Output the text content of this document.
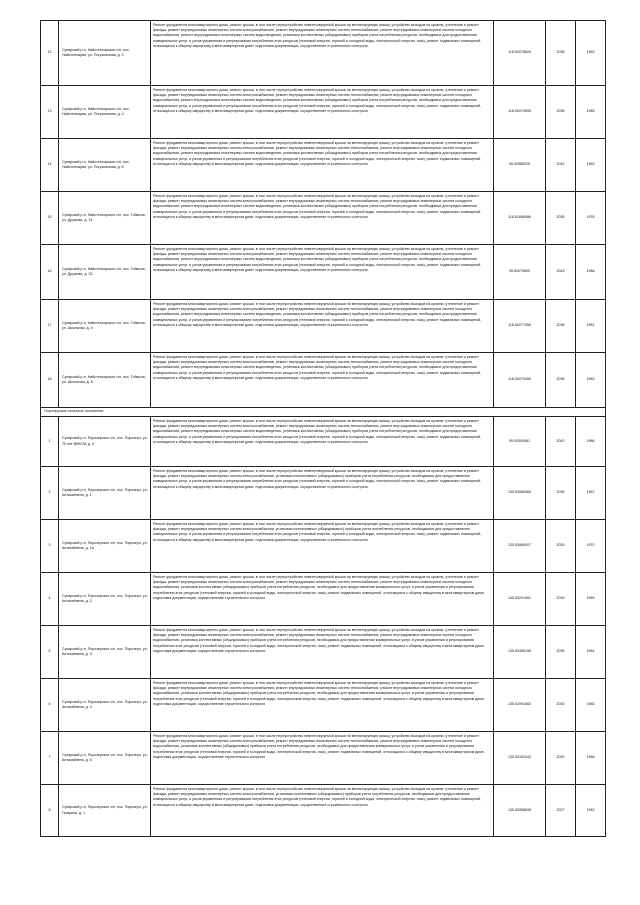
12	Сухарский р-н, Найстенъярское с/п, пос. Найстенъярви, ул. Пограничная, д. 3	Ремонт фундамента многоквартирного дома, ремонт крыши, в том числе переустройство невентилируемой крыши на вентилируемую крышу, устройство выходов на кровлю, утепление и ремонт фасада, ремонт внутридомовых инженерных систем электроснабжения, ремонт внутридомовых инженерных систем теплоснабжения, ремонт внутридомовых инженерных систем холодного водоснабжения, ремонт внутридомовых инженерных систем водоотведения, установка коллективных (общедомовых) приборов учета потребления ресурсов, необходимых для предоставления коммунальных услуг, и узлов управления и регулирования потребления этих ресурсов (тепловой энергии, горячей и холодной воды, электрической энергии, газа), ремонт подвальных помещений, относящихся к общему имуществу в многоквартирном доме, подготовка документации, осуществление строительного контроля	118.50078626	2036	1983
13	Сухарский р-н, Найстенъярское с/п, пос. Найстенъярви, ул. Пограничная, д. 4	Ремонт фундамента многоквартирного дома, ремонт крыши, в том числе переустройство невентилируемой крыши на вентилируемую крышу, устройство выходов на кровлю, утепление и ремонт фасада, ремонт внутридомовых инженерных систем электроснабжения, ремонт внутридомовых инженерных систем теплоснабжения, ремонт внутридомовых инженерных систем холодного водоснабжения, ремонт внутридомовых инженерных систем водоотведения, установка коллективных (общедомовых) приборов учета потребления ресурсов, необходимых для предоставления коммунальных услуг, и узлов управления и регулирования потребления этих ресурсов (тепловой энергии, горячей и холодной воды, электрической энергии, газа), ремонт подвальных помещений, относящихся к общему имуществу в многоквартирном доме, подготовка документации, осуществление строительного контроля	118.50074508	2036	1985
14	Сухарский р-н, Найстенъярское с/п, пос. Найстенъярви, ул. Пограничная, д. 6	Ремонт фундамента многоквартирного дома, ремонт крыши, в том числе переустройство невентилируемой крыши на вентилируемую крышу, устройство выходов на кровлю, утепление и ремонт фасада, ремонт внутридомовых инженерных систем электроснабжения, ремонт внутридомовых инженерных систем теплоснабжения, ремонт внутридомовых инженерных систем холодного водоснабжения, ремонт внутридомовых инженерных систем водоотведения, установка коллективных (общедомовых) приборов учета потребления ресурсов, необходимых для предоставления коммунальных услуг, и узлов управления и регулирования потребления этих ресурсов (тепловой энергии, горячей и холодной воды, электрической энергии, газа), ремонт подвальных помещений, относящихся к общему имуществу в многоквартирном доме, подготовка документации, осуществление строительного контроля	95.00586525	2042	1983
15	Сухарский р-н, Найстенъярское с/п, пос. Тойвола, ул. Дружная, д. 24	Ремонт фундамента многоквартирного дома, ремонт крыши, в том числе переустройство невентилируемой крыши на вентилируемую крышу, устройство выходов на кровлю, утепление и ремонт фасада, ремонт внутридомовых инженерных систем электроснабжения, ремонт внутридомовых инженерных систем теплоснабжения, ремонт внутридомовых инженерных систем холодного водоснабжения, ремонт внутридомовых инженерных систем водоотведения, установка коллективных (общедомовых) приборов учета потребления ресурсов, необходимых для предоставления коммунальных услуг, и узлов управления и регулирования потребления этих ресурсов (тепловой энергии, горячей и холодной воды, электрической энергии, газа), ремонт подвальных помещений, относящихся к общему имуществу в многоквартирном доме, подготовка документации, осуществление строительного контроля	118.51686586	2035	1978
16	Сухарский р-н, Найстенъярское с/п, пос. Тойвола, ул. Дружная, д. 33	Ремонт фундамента многоквартирного дома, ремонт крыши, в том числе переустройство невентилируемой крыши на вентилируемую крышу, устройство выходов на кровлю, утепление и ремонт фасада, ремонт внутридомовых инженерных систем электроснабжения, ремонт внутридомовых инженерных систем теплоснабжения, ремонт внутридомовых инженерных систем холодного водоснабжения, ремонт внутридомовых инженерных систем водоотведения, установка коллективных (общедомовых) приборов учета потребления ресурсов, необходимых для предоставления коммунальных услуг, и узлов управления и регулирования потребления этих ресурсов (тепловой энергии, горячей и холодной воды, электрической энергии, газа), ремонт подвальных помещений, относящихся к общему имуществу в многоквартирном доме, подготовка документации, осуществление строительного контроля	95.50075895	2043	1986
17	Сухарский р-н, Найстенъярское с/п, пос. Тойвола, ул. Школьная, д. 5	Ремонт фундамента многоквартирного дома, ремонт крыши, в том числе переустройство невентилируемой крыши на вентилируемую крышу, устройство выходов на кровлю, утепление и ремонт фасада, ремонт внутридомовых инженерных систем электроснабжения, ремонт внутридомовых инженерных систем теплоснабжения, ремонт внутридомовых инженерных систем холодного водоснабжения, ремонт внутридомовых инженерных систем водоотведения, установка коллективных (общедомовых) приборов учета потребления ресурсов, необходимых для предоставления коммунальных услуг, и узлов управления и регулирования потребления этих ресурсов (тепловой энергии, горячей и холодной воды, электрической энергии, газа), ремонт подвальных помещений, относящихся к общему имуществу в многоквартирном доме, подготовка документации, осуществление строительного контроля	118.50077556	2038	1981
18	Сухарский р-н, Найстенъярское с/п, пос. Тойвола, ул. Школьная, д. 8	Ремонт фундамента многоквартирного дома, ремонт крыши, в том числе переустройство невентилируемой крыши на вентилируемую крышу, устройство выходов на кровлю, утепление и ремонт фасада, ремонт внутридомовых инженерных систем электроснабжения, ремонт внутридомовых инженерных систем теплоснабжения, ремонт внутридомовых инженерных систем холодного водоснабжения, ремонт внутридомовых инженерных систем водоотведения, установка коллективных (общедомовых) приборов учета потребления ресурсов, необходимых для предоставления коммунальных услуг, и узлов управления и регулирования потребления этих ресурсов (тепловой энергии, горячей и холодной воды, электрической энергии, газа), ремонт подвальных помещений, относящихся к общему имуществу в многоквартирном доме, подготовка документации, осуществление строительного контроля	118.50070406	2036	1983
Порозерское сельское поселение					
1	Сухарский р-н, Порозерское с/п, пос. Порозеро, ул. 70 лет ВЛКСМ, д. 9	Ремонт фундамента многоквартирного дома, ремонт крыши, в том числе переустройство невентилируемой крыши на вентилируемую крышу, устройство выходов на кровлю, утепление и ремонт фасада, ремонт внутридомовых инженерных систем электроснабжения, ремонт внутридомовых инженерных систем теплоснабжения, ремонт внутридомовых инженерных систем холодного водоснабжения, ремонт внутридомовых инженерных систем водоотведения, установка коллективных (общедомовых) приборов учета потребления ресурсов, необходимых для предоставления коммунальных услуг, и узлов управления и регулирования потребления этих ресурсов (тепловой энергии, горячей и холодной воды, электрической энергии, газа), ремонт подвальных помещений, относящихся к общему имуществу в многоквартирном доме, подготовка документации, осуществление строительного контроля	95.00593981	2042	1986
2	Сухарский р-н, Порозерское с/п, пос. Порозеро, ул. Антикайнена, д. 1	Ремонт фундамента многоквартирного дома, ремонт крыши, в том числе переустройство невентилируемой крыши на вентилируемую крышу, устройство выходов на кровлю, утепление и ремонт фасада, ремонт внутридомовых инженерных систем электроснабжения, установка коллективных (общедомовых) приборов учета потребления ресурсов, необходимых для предоставления коммунальных услуг, и узлов управления и регулирования потребления этих ресурсов (тепловой энергии, горячей и холодной воды, электрической энергии, газа), ремонт подвальных помещений, относящихся к общему имуществу в многоквартирном доме, подготовка документации, осуществление строительного контроля	135.53985465	2035	1967
3	Сухарский р-н, Порозерское с/п, пос. Порозеро, ул. Антикайнена, д. 1а	Ремонт фундамента многоквартирного дома, ремонт крыши, в том числе переустройство невентилируемой крыши на вентилируемую крышу, устройство выходов на кровлю, утепление и ремонт фасада, ремонт внутридомовых инженерных систем электроснабжения, установка коллективных (общедомовых) приборов учета потребления ресурсов, необходимых для предоставления коммунальных услуг, и узлов управления и регулирования потребления этих ресурсов (тепловой энергии, горячей и холодной воды, электрической энергии, газа), ремонт подвальных помещений, относящихся к общему имуществу в многоквартирном доме, подготовка документации, осуществление строительного контроля	135.53989007	2039	1970
4	Сухарский р-н, Порозерское с/п, пос. Порозеро, ул. Антикайнена, д. 2	Ремонт фундамента многоквартирного дома, ремонт крыши, в том числе переустройство невентилируемой крыши на вентилируемую крышу, устройство выходов на кровлю, утепление и ремонт фасада, ремонт внутридомовых инженерных систем электроснабжения, ремонт внутридомовых инженерных систем теплоснабжения, ремонт внутридомовых инженерных систем холодного водоснабжения, установка коллективных (общедомовых) приборов учета потребления ресурсов, необходимых для предоставления коммунальных услуг, и узлов управления и регулирования потребления этих ресурсов (тепловой энергии, горячей и холодной воды, электрической энергии, газа), ремонт подвальных помещений, относящихся к общему имуществу в многоквартирном доме, подготовка документации, осуществление строительного контроля	135.53291561	2039	1969
5	Сухарский р-н, Порозерское с/п, пос. Порозеро, ул. Антикайнена, д. 3	Ремонт фундамента многоквартирного дома, ремонт крыши, в том числе переустройство невентилируемой крыши на вентилируемую крышу, устройство выходов на кровлю, утепление и ремонт фасада, ремонт внутридомовых инженерных систем электроснабжения, ремонт внутридомовых инженерных систем теплоснабжения, ремонт внутридомовых инженерных систем холодного водоснабжения, установка коллективных (общедомовых) приборов учета потребления ресурсов, необходимых для предоставления коммунальных услуг, и узлов управления и регулирования потребления этих ресурсов (тепловой энергии, горячей и холодной воды, электрической энергии, газа), ремонт подвальных помещений, относящихся к общему имуществу в многоквартирном доме, подготовка документации, осуществление строительного контроля	135.53496196	2035	1964
6	Сухарский р-н, Порозерское с/п, пос. Порозеро, ул. Антикайнена, д. 4	Ремонт фундамента многоквартирного дома, ремонт крыши, в том числе переустройство невентилируемой крыши на вентилируемую крышу, устройство выходов на кровлю, утепление и ремонт фасада, ремонт внутридомовых инженерных систем электроснабжения, ремонт внутридомовых инженерных систем теплоснабжения, ремонт внутридомовых инженерных систем холодного водоснабжения, установка коллективных (общедомовых) приборов учета потребления ресурсов, необходимых для предоставления коммунальных услуг, и узлов управления и регулирования потребления этих ресурсов (тепловой энергии, горячей и холодной воды, электрической энергии, газа), ремонт подвальных помещений, относящихся к общему имуществу в многоквартирном доме, подготовка документации, осуществление строительного контроля	135.52091663	2030	1965
7	Сухарский р-н, Порозерское с/п, пос. Порозеро, ул. Антикайнена, д. 5	Ремонт фундамента многоквартирного дома, ремонт крыши, в том числе переустройство невентилируемой крыши на вентилируемую крышу, устройство выходов на кровлю, утепление и ремонт фасада, ремонт внутридомовых инженерных систем электроснабжения, ремонт внутридомовых инженерных систем теплоснабжения, ремонт внутридомовых инженерных систем холодного водоснабжения, установка коллективных (общедомовых) приборов учета потребления ресурсов, необходимых для предоставления коммунальных услуг, и узлов управления и регулирования потребления этих ресурсов (тепловой энергии, горячей и холодной воды, электрической энергии, газа), ремонт подвальных помещений, относящихся к общему имуществу в многоквартирном доме, подготовка документации, осуществление строительного контроля	135.52162443	2030	1966
8	Сухарский р-н, Порозерское с/п, пос. Порозеро, ул. Гагарина, д. 1	Ремонт фундамента многоквартирного дома, ремонт крыши, в том числе переустройство невентилируемой крыши на вентилируемую крышу, устройство выходов на кровлю, утепление и ремонт фасада, ремонт внутридомовых инженерных систем электроснабжения, установка коллективных (общедомовых) приборов учета потребления ресурсов, необходимых для предоставления коммунальных услуг, и узлов управления и регулирования потребления этих ресурсов (тепловой энергии, горячей и холодной воды, электрической энергии, газа), ремонт подвальных помещений, относящихся к общему имуществу в многоквартирном доме, подготовка документации, осуществление строительного контроля	135.50958638	2027	1962
